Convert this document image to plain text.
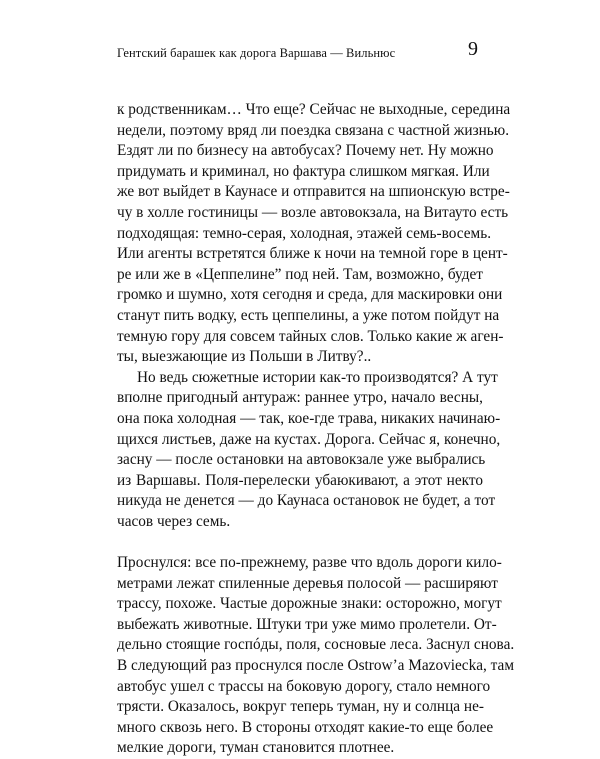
Гентский барашек как дорога Варшава — Вильнюс	9
к родственникам… Что еще? Сейчас не выходные, середина
недели, поэтому вряд ли поездка связана с частной жизнью.
Ездят ли по бизнесу на автобусах? Почему нет. Ну можно
придумать и криминал, но фактура слишком мягкая. Или
же вот выйдет в Каунасе и отправится на шпионскую встре-
чу в холле гостиницы — возле автовокзала, на Витауто есть
подходящая: темно-серая, холодная, этажей семь-восемь.
Или агенты встретятся ближе к ночи на темной горе в цент-
ре или же в «Цеппелине” под ней. Там, возможно, будет
громко и шумно, хотя сегодня и среда, для маскировки они
станут пить водку, есть цеппелины, а уже потом пойдут на
темную гору для совсем тайных слов. Только какие ж аген-
ты, выезжающие из Польши в Литву?..
Но ведь сюжетные истории как-то производятся? А тут
вполне пригодный антураж: раннее утро, начало весны,
она пока холодная — так, кое-где трава, никаких начинаю-
щихся листьев, даже на кустах. Дорога. Сейчас я, конечно,
засну — после остановки на автовокзале уже выбрались
из Варшавы. Поля-перелески убаюкивают, а этот некто
никуда не денется — до Каунаса остановок не будет, а тот
часов через семь.
Проснулся: все по-прежнему, разве что вдоль дороги кило-
метрами лежат спиленные деревья полосой — расширяют
трассу, похоже. Частые дорожные знаки: осторожно, могут
выбежать животные. Штуки три уже мимо пролетели. От-
дельно стоящие госпóды, поля, сосновые леса. Заснул снова.
В следующий раз проснулся после Ostrow’a Mazoviecka, там
автобус ушел с трассы на боковую дорогу, стало немного
трясти. Оказалось, вокруг теперь туман, ну и солнца не-
много сквозь него. В стороны отходят какие-то еще более
мелкие дороги, туман становится плотнее.
